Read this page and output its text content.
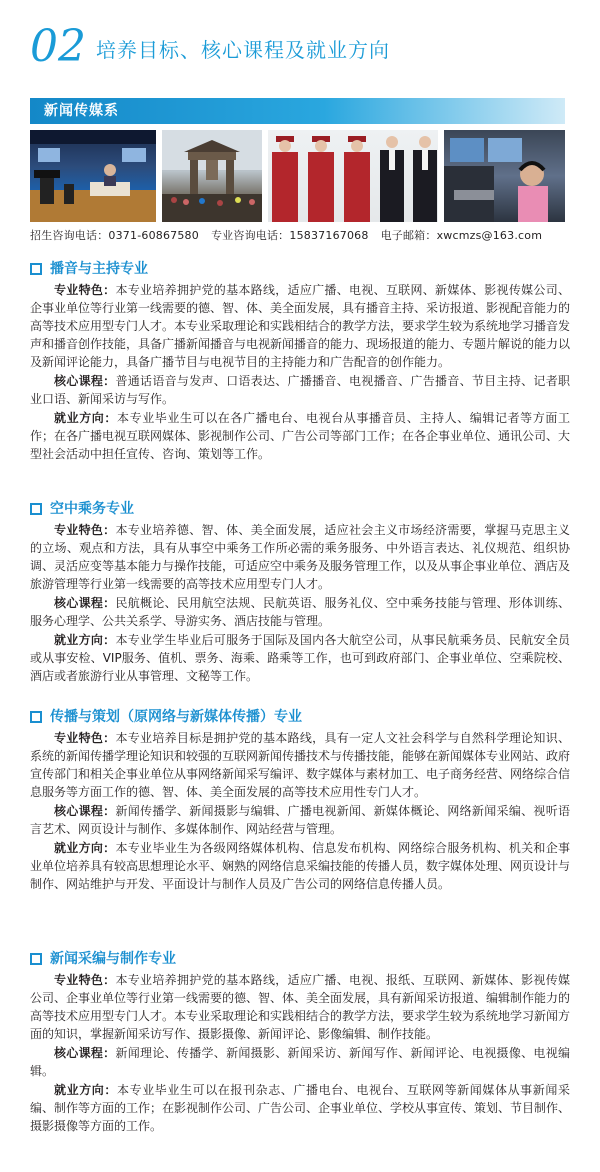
02 培养目标、核心课程及就业方向
新闻传媒系
招生咨询电话：0371-60867580 专业咨询电话：15837167068 电子邮箱：xwcmzs@163.com
播音与主持专业

专业特色：本专业培养拥护党的基本路线，适应广播、电视、互联网、新媒体、影视传媒公司、企事业单位等行业第一线需要的德、智、体、美全面发展，具有播音主持、采访报道、影视配音能力的高等技术应用型专门人才。本专业采取理论和实践相结合的教学方法，要求学生较为系统地学习播音发声和播音创作技能，具备广播新闻播音与电视新闻播音的能力、现场报道的能力、专题片解说的能力以及新闻评论能力，具备广播节目与电视节目的主持能力和广告配音的创作能力。

核心课程：普通话语音与发声、口语表达、广播播音、电视播音、广告播音、节目主持、记者职业口语、新闻采访与写作。

就业方向：本专业毕业生可以在各广播电台、电视台从事播音员、主持人、编辑记者等方面工作；在各广播电视互联网媒体、影视制作公司、广告公司等部门工作；在各企事业单位、通讯公司、大型社会活动中担任宣传、咨询、策划等工作。

空中乘务专业

专业特色：本专业培养德、智、体、美全面发展，适应社会主义市场经济需要，掌握马克思主义的立场、观点和方法，具有从事空中乘务工作所必需的乘务服务、中外语言表达、礼仪规范、组织协调、灵活应变等基本能力与操作技能，可适应空中乘务及服务管理工作，以及从事企事业单位、酒店及旅游管理等行业第一线需要的高等技术应用型专门人才。

核心课程：民航概论、民用航空法规、民航英语、服务礼仪、空中乘务技能与管理、形体训练、服务心理学、公共关系学、导游实务、酒店技能与管理。

就业方向：本专业学生毕业后可服务于国际及国内各大航空公司，从事民航乘务员、民航安全员或从事安检、VIP服务、值机、票务、海乘、路乘等工作，也可到政府部门、企事业单位、空乘院校、酒店或者旅游行业从事管理、文秘等工作。

传播与策划（原网络与新媒体传播）专业

专业特色：本专业培养目标是拥护党的基本路线，具有一定人文社会科学与自然科学理论知识、系统的新闻传播学理论知识和较强的互联网新闻传播技术与传播技能，能够在新闻媒体专业网站、政府宣传部门和相关企事业单位从事网络新闻采写编评、数字媒体与素材加工、电子商务经营、网络综合信息服务等方面工作的德、智、体、美全面发展的高等技术应用性专门人才。

核心课程：新闻传播学、新闻摄影与编辑、广播电视新闻、新媒体概论、网络新闻采编、视听语言艺术、网页设计与制作、多媒体制作、网站经营与管理。

就业方向：本专业毕业生为各级网络媒体机构、信息发布机构、网络综合服务机构、机关和企事业单位培养具有较高思想理论水平、娴熟的网络信息采编技能的传播人员，数字媒体处理、网页设计与制作、网站维护与开发、平面设计与制作人员及广告公司的网络信息传播人员。

新闻采编与制作专业

专业特色：本专业培养拥护党的基本路线，适应广播、电视、报纸、互联网、新媒体、影视传媒公司、企事业单位等行业第一线需要的德、智、体、美全面发展，具有新闻采访报道、编辑制作能力的高等技术应用型专门人才。本专业采取理论和实践相结合的教学方法，要求学生较为系统地学习新闻方面的知识，掌握新闻采访写作、摄影摄像、新闻评论、影像编辑、制作技能。

核心课程：新闻理论、传播学、新闻摄影、新闻采访、新闻写作、新闻评论、电视摄像、电视编辑。

就业方向：本专业毕业生可以在报刊杂志、广播电台、电视台、互联网等新闻媒体从事新闻采编、制作等方面的工作；在影视制作公司、广告公司、企事业单位、学校从事宣传、策划、节目制作、摄影摄像等方面的工作。
